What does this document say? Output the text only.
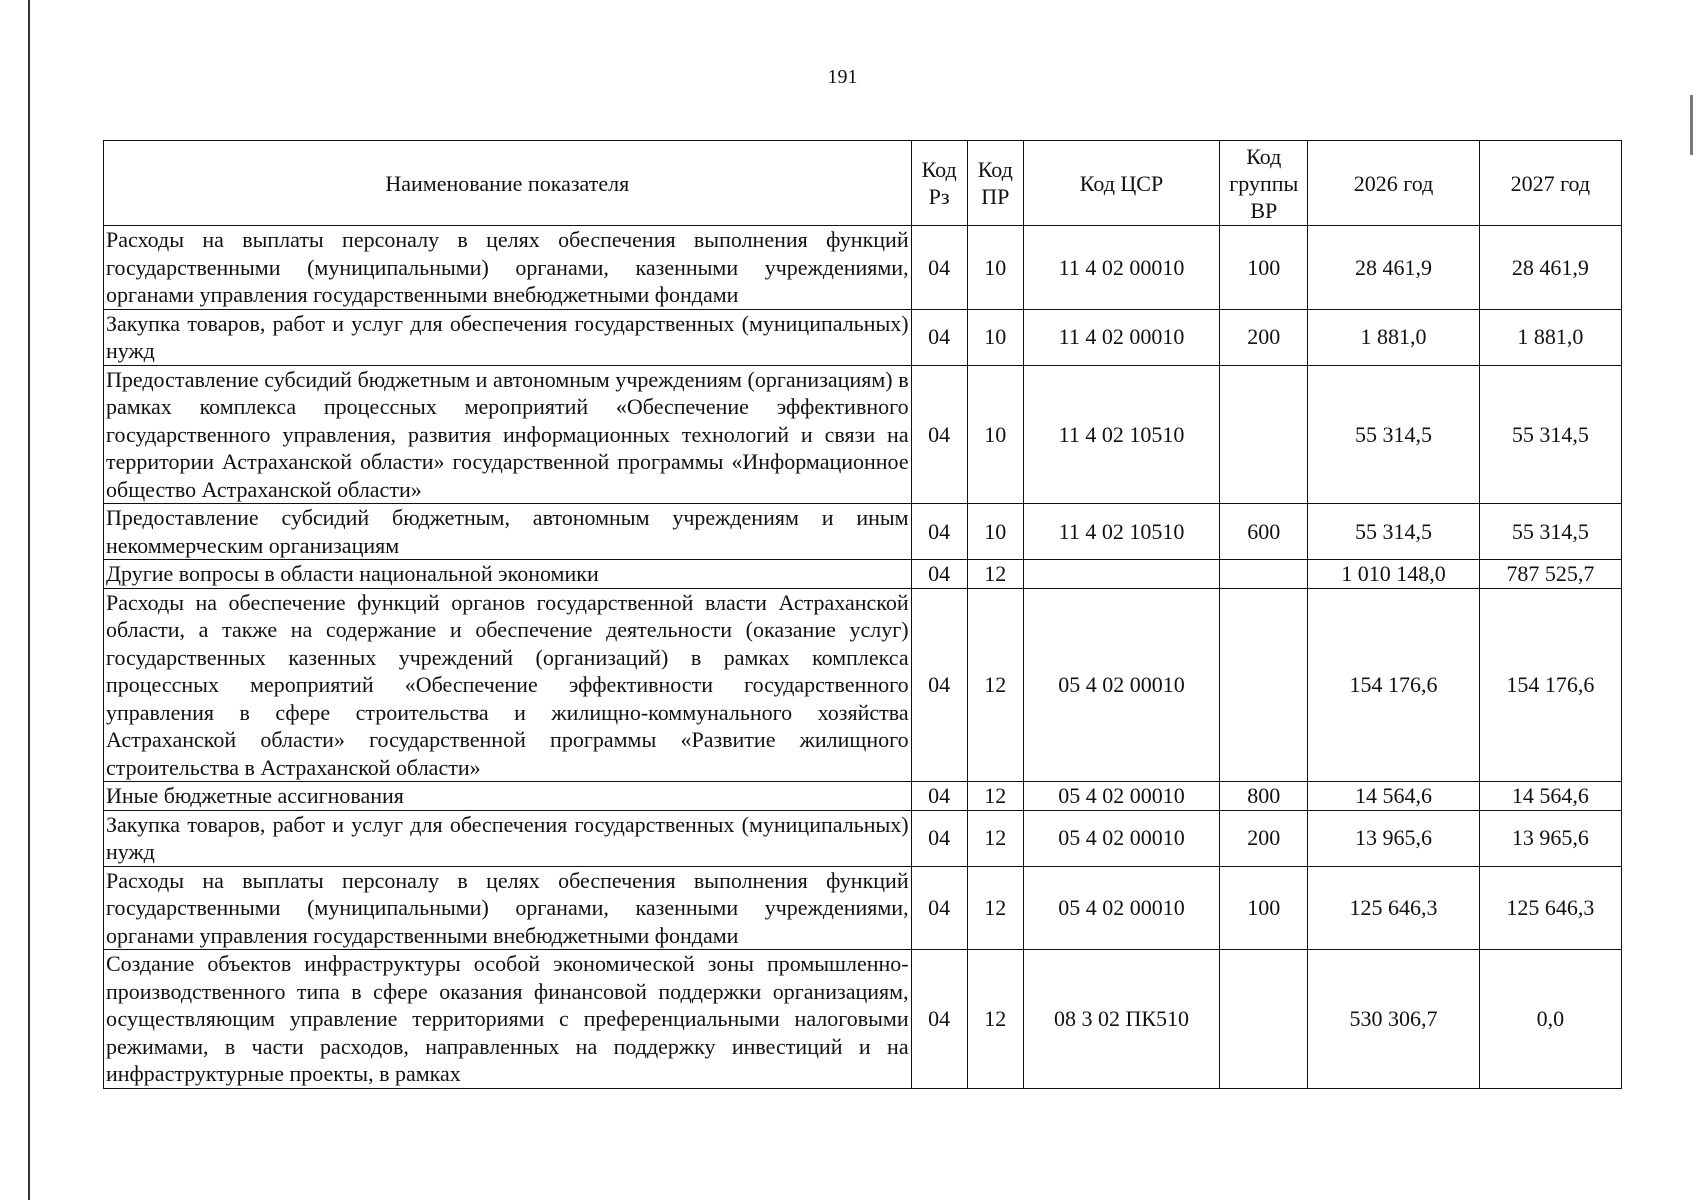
191
Наименование показателя	Код Рз	Код ПР	Код ЦСР	Код группы ВР	2026 год	2027 год
Расходы на выплаты персоналу в целях обеспечения выполнения функций государственными (муниципальными) органами, казенными учреждениями, органами управления государственными внебюджетными фондами	04	10	11 4 02 00010	100	28 461,9	28 461,9
Закупка товаров, работ и услуг для обеспечения государственных (муниципальных) нужд	04	10	11 4 02 00010	200	1 881,0	1 881,0
Предоставление субсидий бюджетным и автономным учреждениям (организациям) в рамках комплекса процессных мероприятий «Обеспечение эффективного государственного управления, развития информационных технологий и связи на территории Астраханской области» государственной программы «Информационное общество Астраханской области»	04	10	11 4 02 10510		55 314,5	55 314,5
Предоставление субсидий бюджетным, автономным учреждениям и иным некоммерческим организациям	04	10	11 4 02 10510	600	55 314,5	55 314,5
Другие вопросы в области национальной экономики	04	12			1 010 148,0	787 525,7
Расходы на обеспечение функций органов государственной власти Астраханской области, а также на содержание и обеспечение деятельности (оказание услуг) государственных казенных учреждений (организаций) в рамках комплекса процессных мероприятий «Обеспечение эффективности государственного управления в сфере строительства и жилищно-коммунального хозяйства Астраханской области» государственной программы «Развитие жилищного строительства в Астраханской области»	04	12	05 4 02 00010		154 176,6	154 176,6
Иные бюджетные ассигнования	04	12	05 4 02 00010	800	14 564,6	14 564,6
Закупка товаров, работ и услуг для обеспечения государственных (муниципальных) нужд	04	12	05 4 02 00010	200	13 965,6	13 965,6
Расходы на выплаты персоналу в целях обеспечения выполнения функций государственными (муниципальными) органами, казенными учреждениями, органами управления государственными внебюджетными фондами	04	12	05 4 02 00010	100	125 646,3	125 646,3
Создание объектов инфраструктуры особой экономической зоны промышленно-производственного типа в сфере оказания финансовой поддержки организациям, осуществляющим управление территориями с преференциальными налоговыми режимами, в части расходов, направленных на поддержку инвестиций и на инфраструктурные проекты, в рамках	04	12	08 3 02 ПК510		530 306,7	0,0
